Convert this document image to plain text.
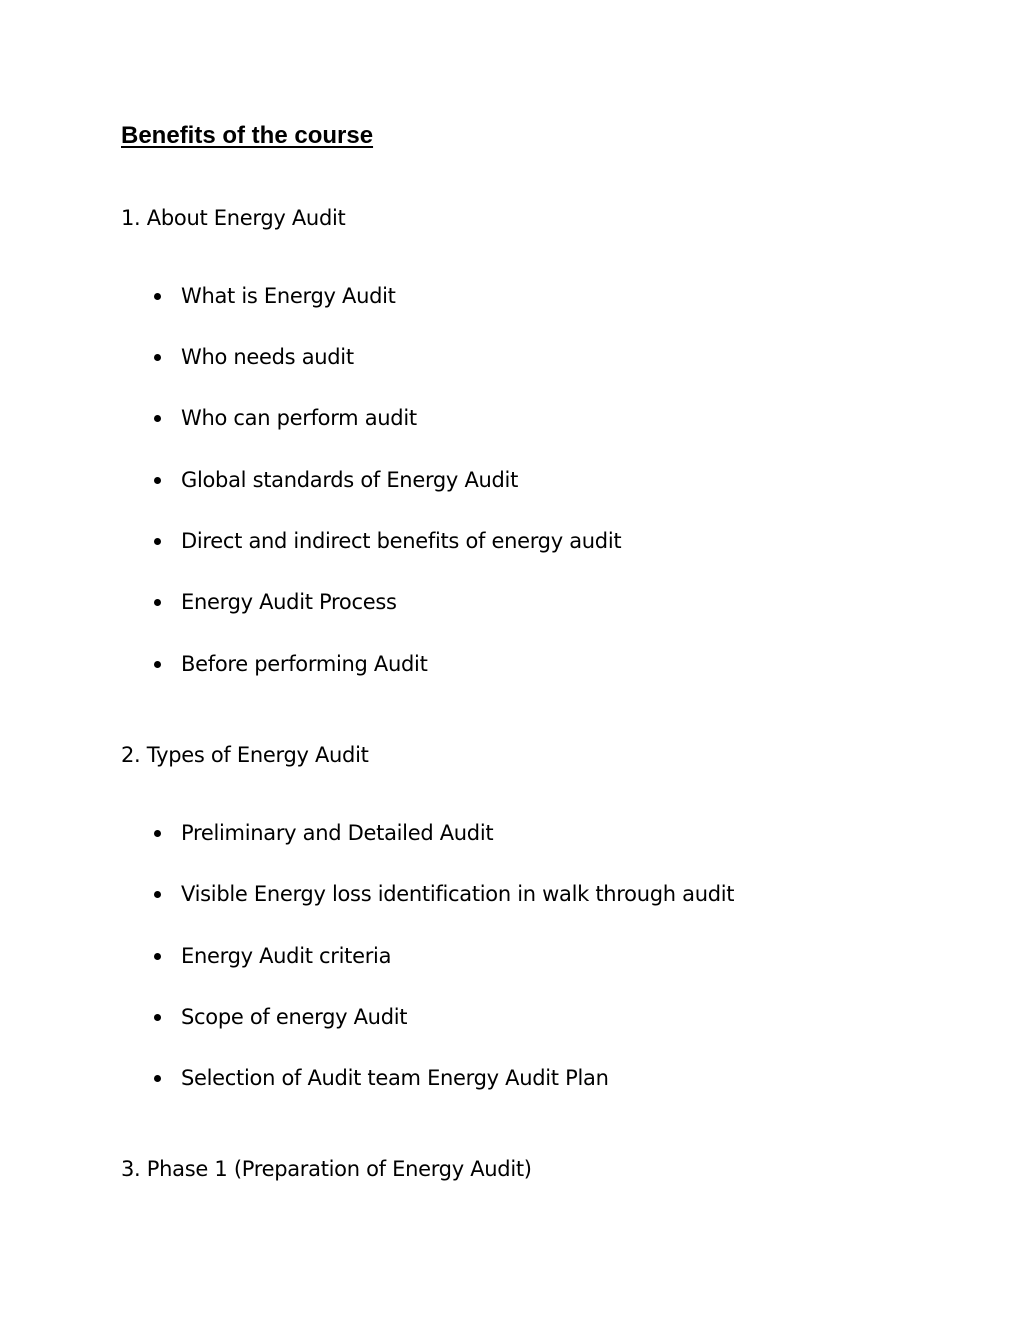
Benefits of the course

1. About Energy Audit

What is Energy Audit
Who needs audit
Who can perform audit
Global standards of Energy Audit
Direct and indirect benefits of energy audit
Energy Audit Process
Before performing Audit

2. Types of Energy Audit

Preliminary and Detailed Audit
Visible Energy loss identification in walk through audit
Energy Audit criteria
Scope of energy Audit
Selection of Audit team Energy Audit Plan

3. Phase 1 (Preparation of Energy Audit)
